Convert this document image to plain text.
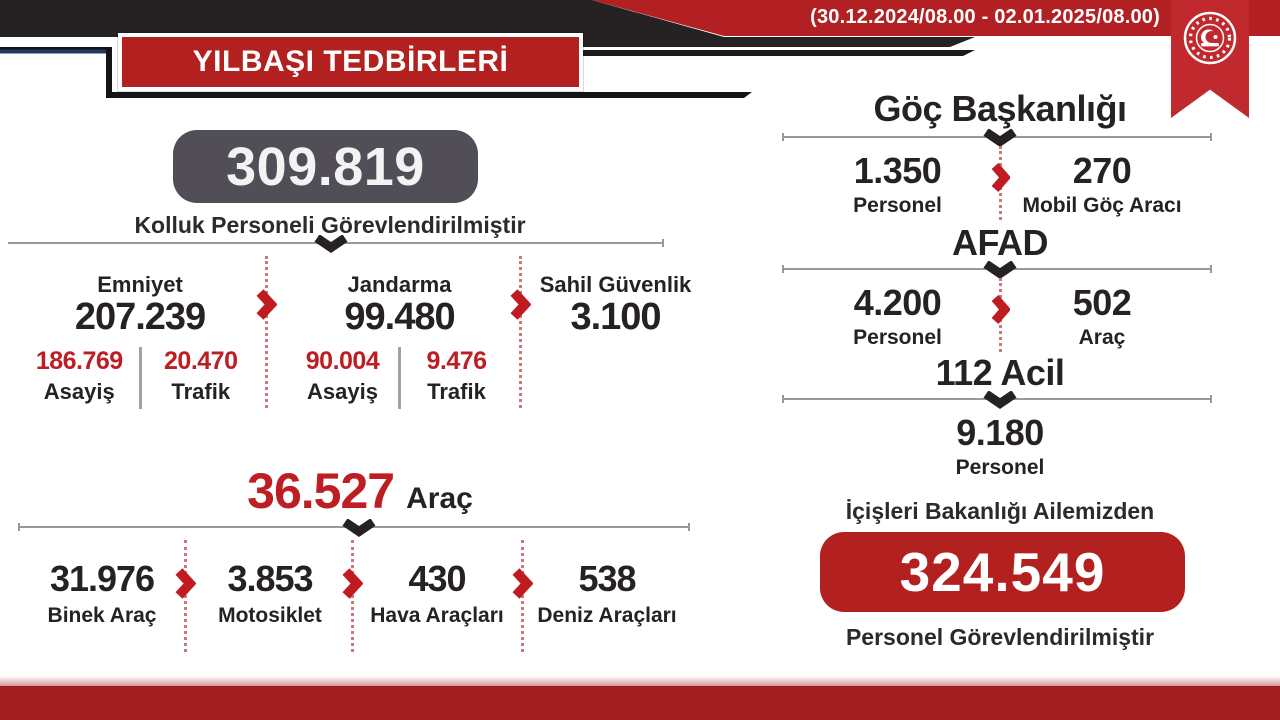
(30.12.2024/08.00 - 02.01.2025/08.00)
YILBAŞI TEDBİRLERİ
309.819
Kolluk Personeli Görevlendirilmiştir
Emniyet
207.239
186.769
Asayiş
20.470
Trafik
Jandarma
99.480
90.004
Asayiş
9.476
Trafik
Sahil Güvenlik
3.100
36.527 Araç
31.976
Binek Araç
3.853
Motosiklet
430
Hava Araçları
538
Deniz Araçları
Göç Başkanlığı
1.350
Personel
270
Mobil Göç Aracı
AFAD
4.200
Personel
502
Araç
112 Acil
9.180
Personel
İçişleri Bakanlığı Ailemizden
324.549
Personel Görevlendirilmiştir
